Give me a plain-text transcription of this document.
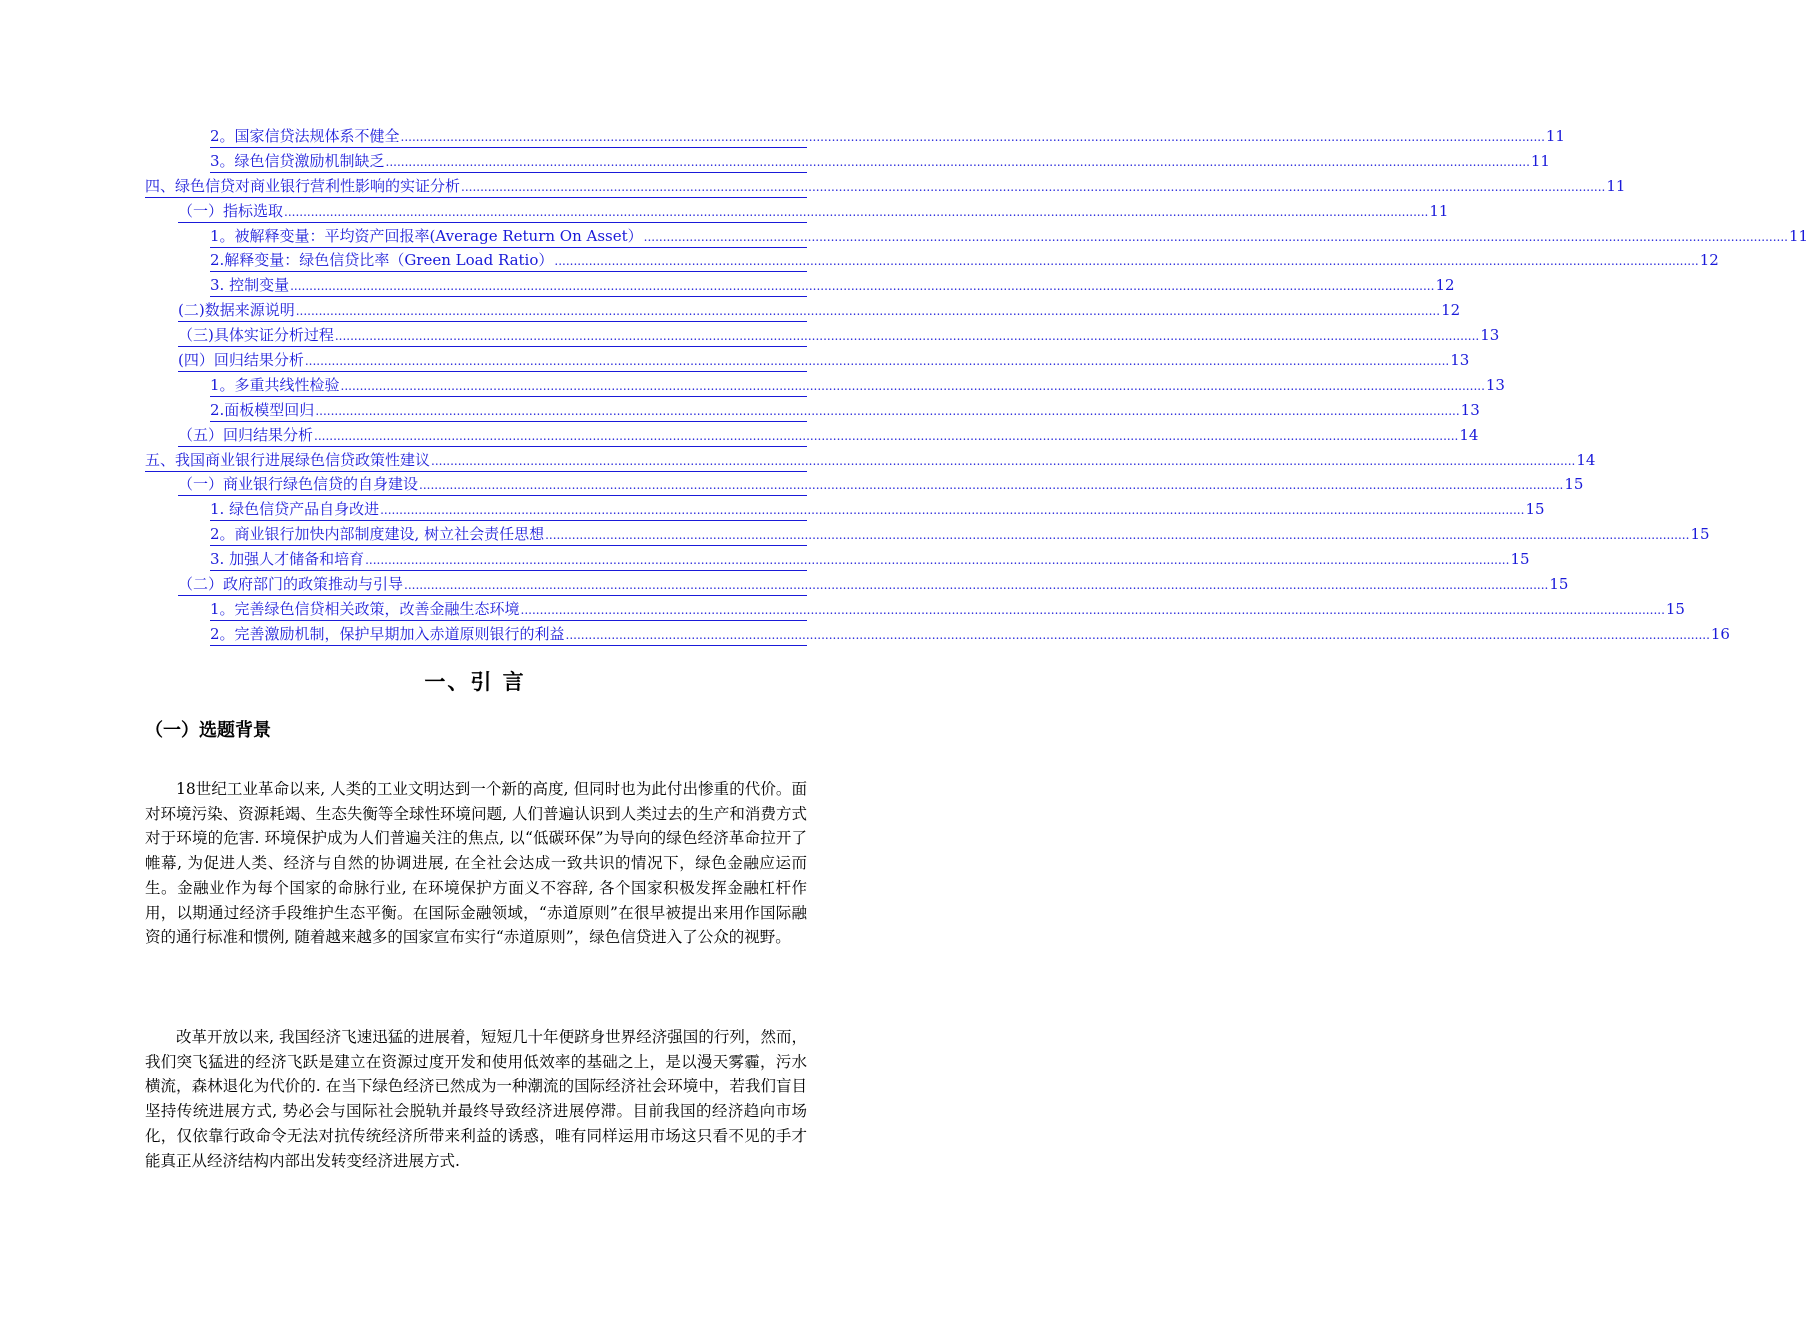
2。国家信贷法规体系不健全 ............................................................................................................................................................................................................................................................................................................ 11
3。绿色信贷激励机制缺乏 ............................................................................................................................................................................................................................................................................................................ 11
四、绿色信贷对商业银行营利性影响的实证分析 ............................................................................................................................................................................................................................................................................................................ 11
（一）指标选取 ............................................................................................................................................................................................................................................................................................................ 11
1。被解释变量：平均资产回报率(Average Return On Asset） ............................................................................................................................................................................................................................................................................................................ 11
2.解释变量：绿色信贷比率（Green Load Ratio） ............................................................................................................................................................................................................................................................................................................ 12
3. 控制变量 ............................................................................................................................................................................................................................................................................................................ 12
(二)数据来源说明 ............................................................................................................................................................................................................................................................................................................ 12
（三)具体实证分析过程 ............................................................................................................................................................................................................................................................................................................ 13
(四）回归结果分析 ............................................................................................................................................................................................................................................................................................................ 13
1。多重共线性检验 ............................................................................................................................................................................................................................................................................................................ 13
2.面板模型回归 ............................................................................................................................................................................................................................................................................................................ 13
（五）回归结果分析 ............................................................................................................................................................................................................................................................................................................ 14
五、我国商业银行进展绿色信贷政策性建议 ............................................................................................................................................................................................................................................................................................................ 14
（一）商业银行绿色信贷的自身建设 ............................................................................................................................................................................................................................................................................................................ 15
1. 绿色信贷产品自身改进 ............................................................................................................................................................................................................................................................................................................ 15
2。商业银行加快内部制度建设, 树立社会责任思想 ............................................................................................................................................................................................................................................................................................................ 15
3. 加强人才储备和培育 ............................................................................................................................................................................................................................................................................................................ 15
（二）政府部门的政策推动与引导 ............................................................................................................................................................................................................................................................................................................ 15
1。完善绿色信贷相关政策，改善金融生态环境 ............................................................................................................................................................................................................................................................................................................ 15
2。完善激励机制，保护早期加入赤道原则银行的利益 ............................................................................................................................................................................................................................................................................................................ 16
一、引 言
（一）选题背景

18世纪工业革命以来, 人类的工业文明达到一个新的高度, 但同时也为此付出惨重的代价。面对环境污染、资源耗竭、生态失衡等全球性环境问题, 人们普遍认识到人类过去的生产和消费方式对于环境的危害. 环境保护成为人们普遍关注的焦点, 以“低碳环保”为导向的绿色经济革命拉开了帷幕, 为促进人类、经济与自然的协调进展, 在全社会达成一致共识的情况下，绿色金融应运而生。金融业作为每个国家的命脉行业, 在环境保护方面义不容辞, 各个国家积极发挥金融杠杆作用，以期通过经济手段维护生态平衡。在国际金融领域，“赤道原则”在很早被提出来用作国际融资的通行标准和惯例, 随着越来越多的国家宣布实行“赤道原则”，绿色信贷进入了公众的视野。

改革开放以来, 我国经济飞速迅猛的进展着，短短几十年便跻身世界经济强国的行列，然而，我们突飞猛进的经济飞跃是建立在资源过度开发和使用低效率的基础之上，是以漫天雾霾，污水横流，森林退化为代价的. 在当下绿色经济已然成为一种潮流的国际经济社会环境中，若我们盲目坚持传统进展方式, 势必会与国际社会脱轨并最终导致经济进展停滞。目前我国的经济趋向市场化，仅依靠行政命令无法对抗传统经济所带来利益的诱惑，唯有同样运用市场这只看不见的手才能真正从经济结构内部出发转变经济进展方式.
